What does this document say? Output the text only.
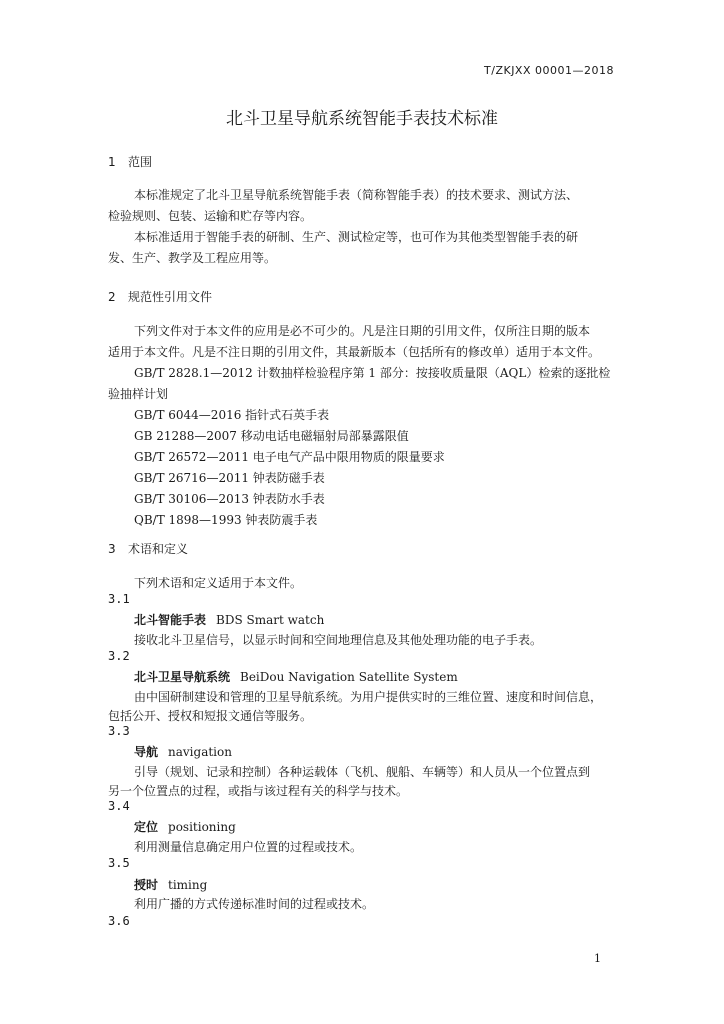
T/ZKJXX 00001—2018
北斗卫星导航系统智能手表技术标准
1 范围
本标准规定了北斗卫星导航系统智能手表（简称智能手表）的技术要求、测试方法、
检验规则、包装、运输和贮存等内容。
本标准适用于智能手表的研制、生产、测试检定等，也可作为其他类型智能手表的研
发、生产、教学及工程应用等。
2 规范性引用文件
下列文件对于本文件的应用是必不可少的。凡是注日期的引用文件，仅所注日期的版本
适用于本文件。凡是不注日期的引用文件，其最新版本（包括所有的修改单）适用于本文件。
GB/T 2828.1—2012 计数抽样检验程序第 1 部分：按接收质量限（AQL）检索的逐批检
验抽样计划
GB/T 6044—2016 指针式石英手表
GB 21288—2007 移动电话电磁辐射局部暴露限值
GB/T 26572—2011 电子电气产品中限用物质的限量要求
GB/T 26716—2011 钟表防磁手表
GB/T 30106—2013 钟表防水手表
QB/T 1898—1993 钟表防震手表
3 术语和定义
下列术语和定义适用于本文件。
3.1
北斗智能手表 BDS Smart watch
接收北斗卫星信号，以显示时间和空间地理信息及其他处理功能的电子手表。
3.2
北斗卫星导航系统 BeiDou Navigation Satellite System
由中国研制建设和管理的卫星导航系统。为用户提供实时的三维位置、速度和时间信息，
包括公开、授权和短报文通信等服务。
3.3
导航 navigation
引导（规划、记录和控制）各种运载体（飞机、舰船、车辆等）和人员从一个位置点到
另一个位置点的过程，或指与该过程有关的科学与技术。
3.4
定位 positioning
利用测量信息确定用户位置的过程或技术。
3.5
授时 timing
利用广播的方式传递标准时间的过程或技术。
3.6
1
